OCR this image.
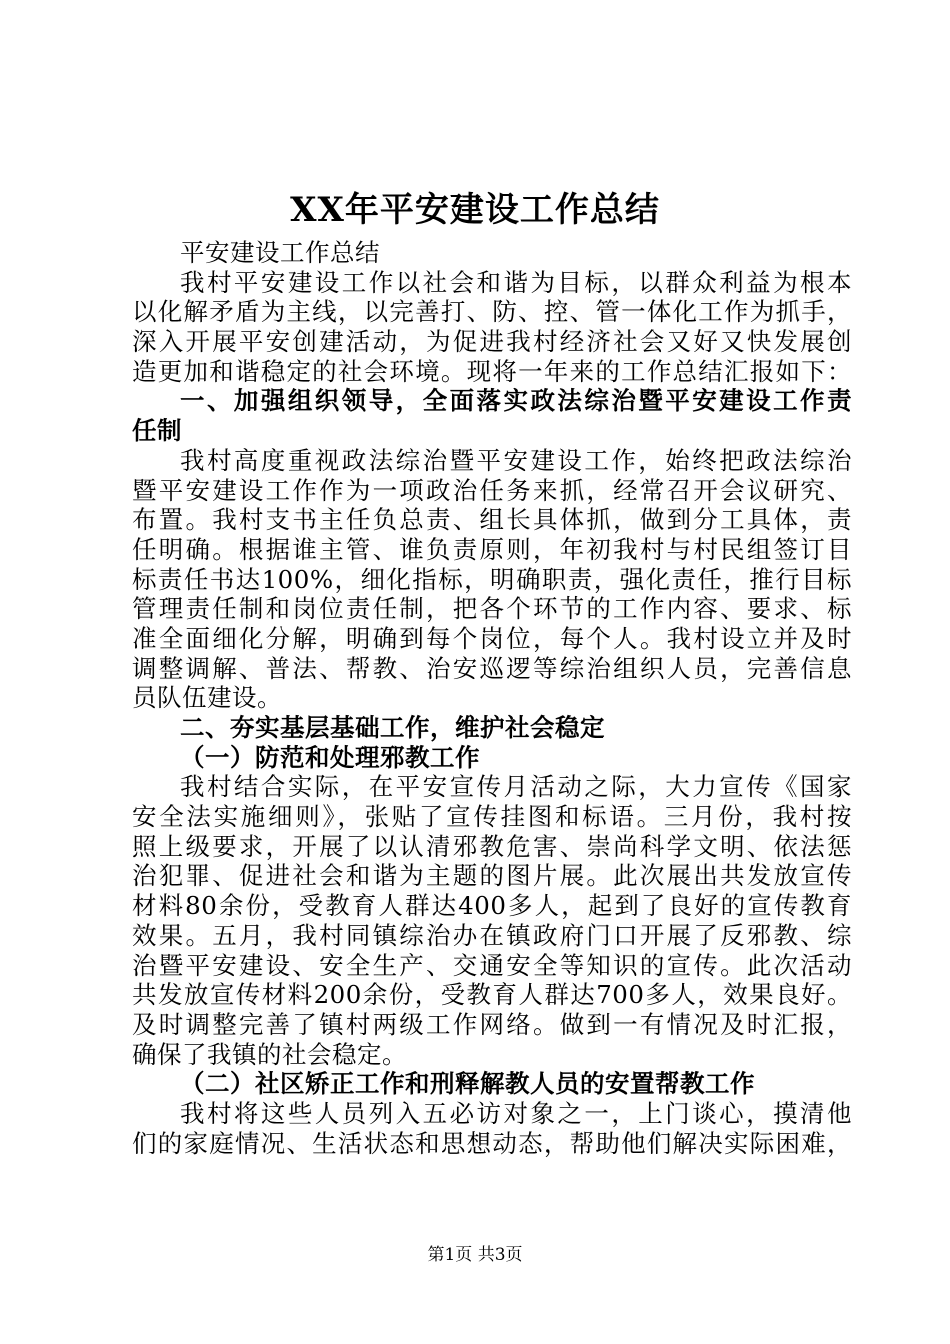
XX年平安建设工作总结
平安建设工作总结
我村平安建设工作以社会和谐为目标，以群众利益为根本
以化解矛盾为主线，以完善打、防、控、管一体化工作为抓手，
深入开展平安创建活动，为促进我村经济社会又好又快发展创
造更加和谐稳定的社会环境。现将一年来的工作总结汇报如下：
一、加强组织领导，全面落实政法综治暨平安建设工作责
任制
我村高度重视政法综治暨平安建设工作，始终把政法综治
暨平安建设工作作为一项政治任务来抓，经常召开会议研究、
布置。我村支书主任负总责、组长具体抓，做到分工具体，责
任明确。根据谁主管、谁负责原则，年初我村与村民组签订目
标责任书达100%，细化指标，明确职责，强化责任，推行目标
管理责任制和岗位责任制，把各个环节的工作内容、要求、标
准全面细化分解，明确到每个岗位，每个人。我村设立并及时
调整调解、普法、帮教、治安巡逻等综治组织人员，完善信息
员队伍建设。
二、夯实基层基础工作，维护社会稳定
（一）防范和处理邪教工作
我村结合实际，在平安宣传月活动之际，大力宣传《国家
安全法实施细则》，张贴了宣传挂图和标语。三月份，我村按
照上级要求，开展了以认清邪教危害、崇尚科学文明、依法惩
治犯罪、促进社会和谐为主题的图片展。此次展出共发放宣传
材料80余份，受教育人群达400多人，起到了良好的宣传教育
效果。五月，我村同镇综治办在镇政府门口开展了反邪教、综
治暨平安建设、安全生产、交通安全等知识的宣传。此次活动
共发放宣传材料200余份，受教育人群达700多人，效果良好。
及时调整完善了镇村两级工作网络。做到一有情况及时汇报，
确保了我镇的社会稳定。
（二）社区矫正工作和刑释解教人员的安置帮教工作
我村将这些人员列入五必访对象之一，上门谈心，摸清他
们的家庭情况、生活状态和思想动态，帮助他们解决实际困难，
第1页 共3页
